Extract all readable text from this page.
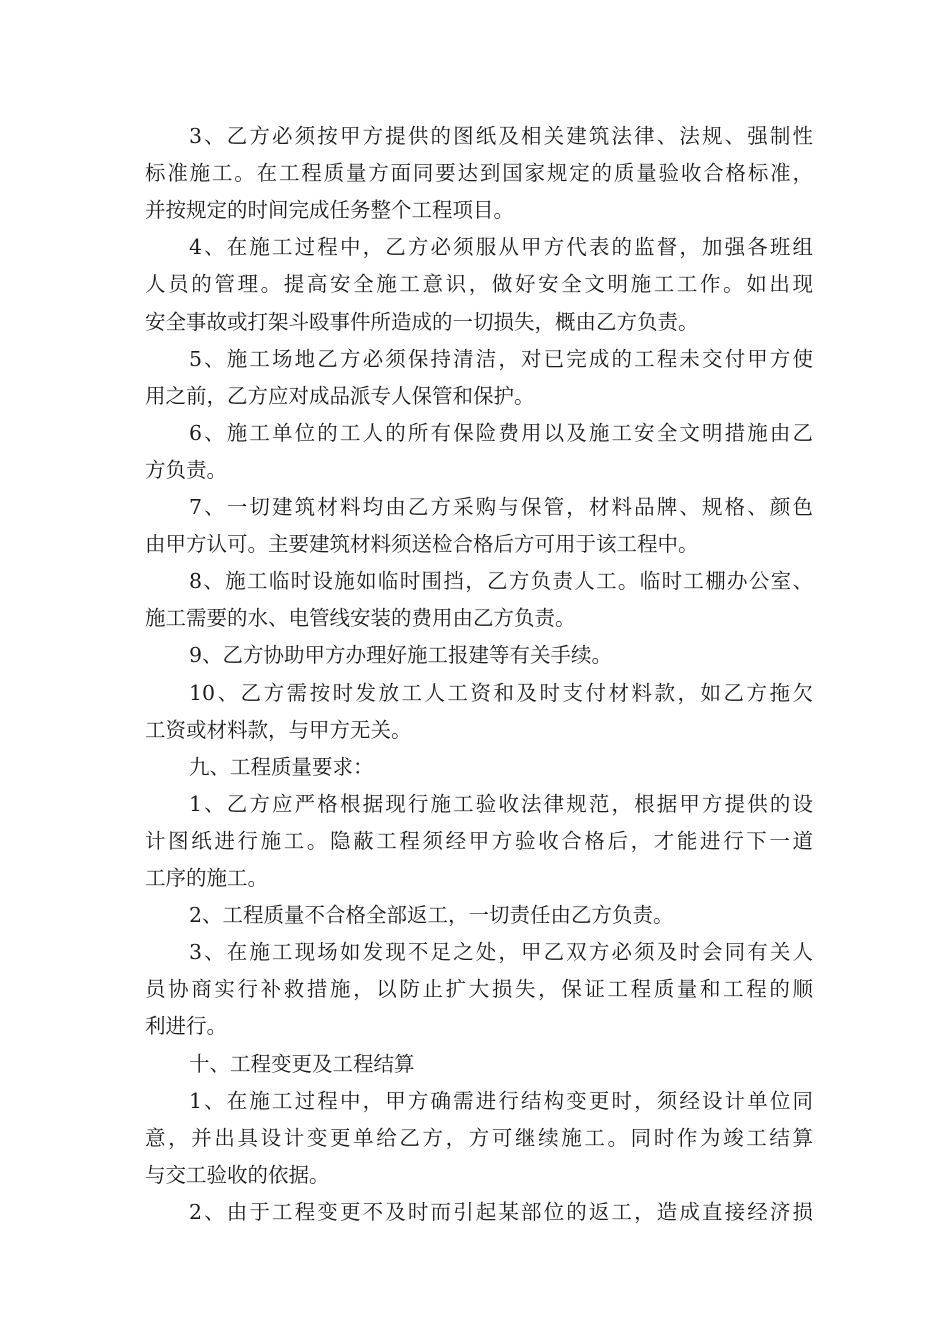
3、乙方必须按甲方提供的图纸及相关建筑法律、法规、强制性
标准施工。在工程质量方面同要达到国家规定的质量验收合格标准，
并按规定的时间完成任务整个工程项目。
4、在施工过程中，乙方必须服从甲方代表的监督，加强各班组
人员的管理。提高安全施工意识，做好安全文明施工工作。如出现
安全事故或打架斗殴事件所造成的一切损失，概由乙方负责。
5、施工场地乙方必须保持清洁，对已完成的工程未交付甲方使
用之前，乙方应对成品派专人保管和保护。
6、施工单位的工人的所有保险费用以及施工安全文明措施由乙
方负责。
7、一切建筑材料均由乙方采购与保管，材料品牌、规格、颜色
由甲方认可。主要建筑材料须送检合格后方可用于该工程中。
8、施工临时设施如临时围挡，乙方负责人工。临时工棚办公室、
施工需要的水、电管线安装的费用由乙方负责。
9、乙方协助甲方办理好施工报建等有关手续。
10、乙方需按时发放工人工资和及时支付材料款，如乙方拖欠
工资或材料款，与甲方无关。
九、工程质量要求：
1、乙方应严格根据现行施工验收法律规范，根据甲方提供的设
计图纸进行施工。隐蔽工程须经甲方验收合格后，才能进行下一道
工序的施工。
2、工程质量不合格全部返工，一切责任由乙方负责。
3、在施工现场如发现不足之处，甲乙双方必须及时会同有关人
员协商实行补救措施，以防止扩大损失，保证工程质量和工程的顺
利进行。
十、工程变更及工程结算
1、在施工过程中，甲方确需进行结构变更时，须经设计单位同
意，并出具设计变更单给乙方，方可继续施工。同时作为竣工结算
与交工验收的依据。
2、由于工程变更不及时而引起某部位的返工，造成直接经济损
